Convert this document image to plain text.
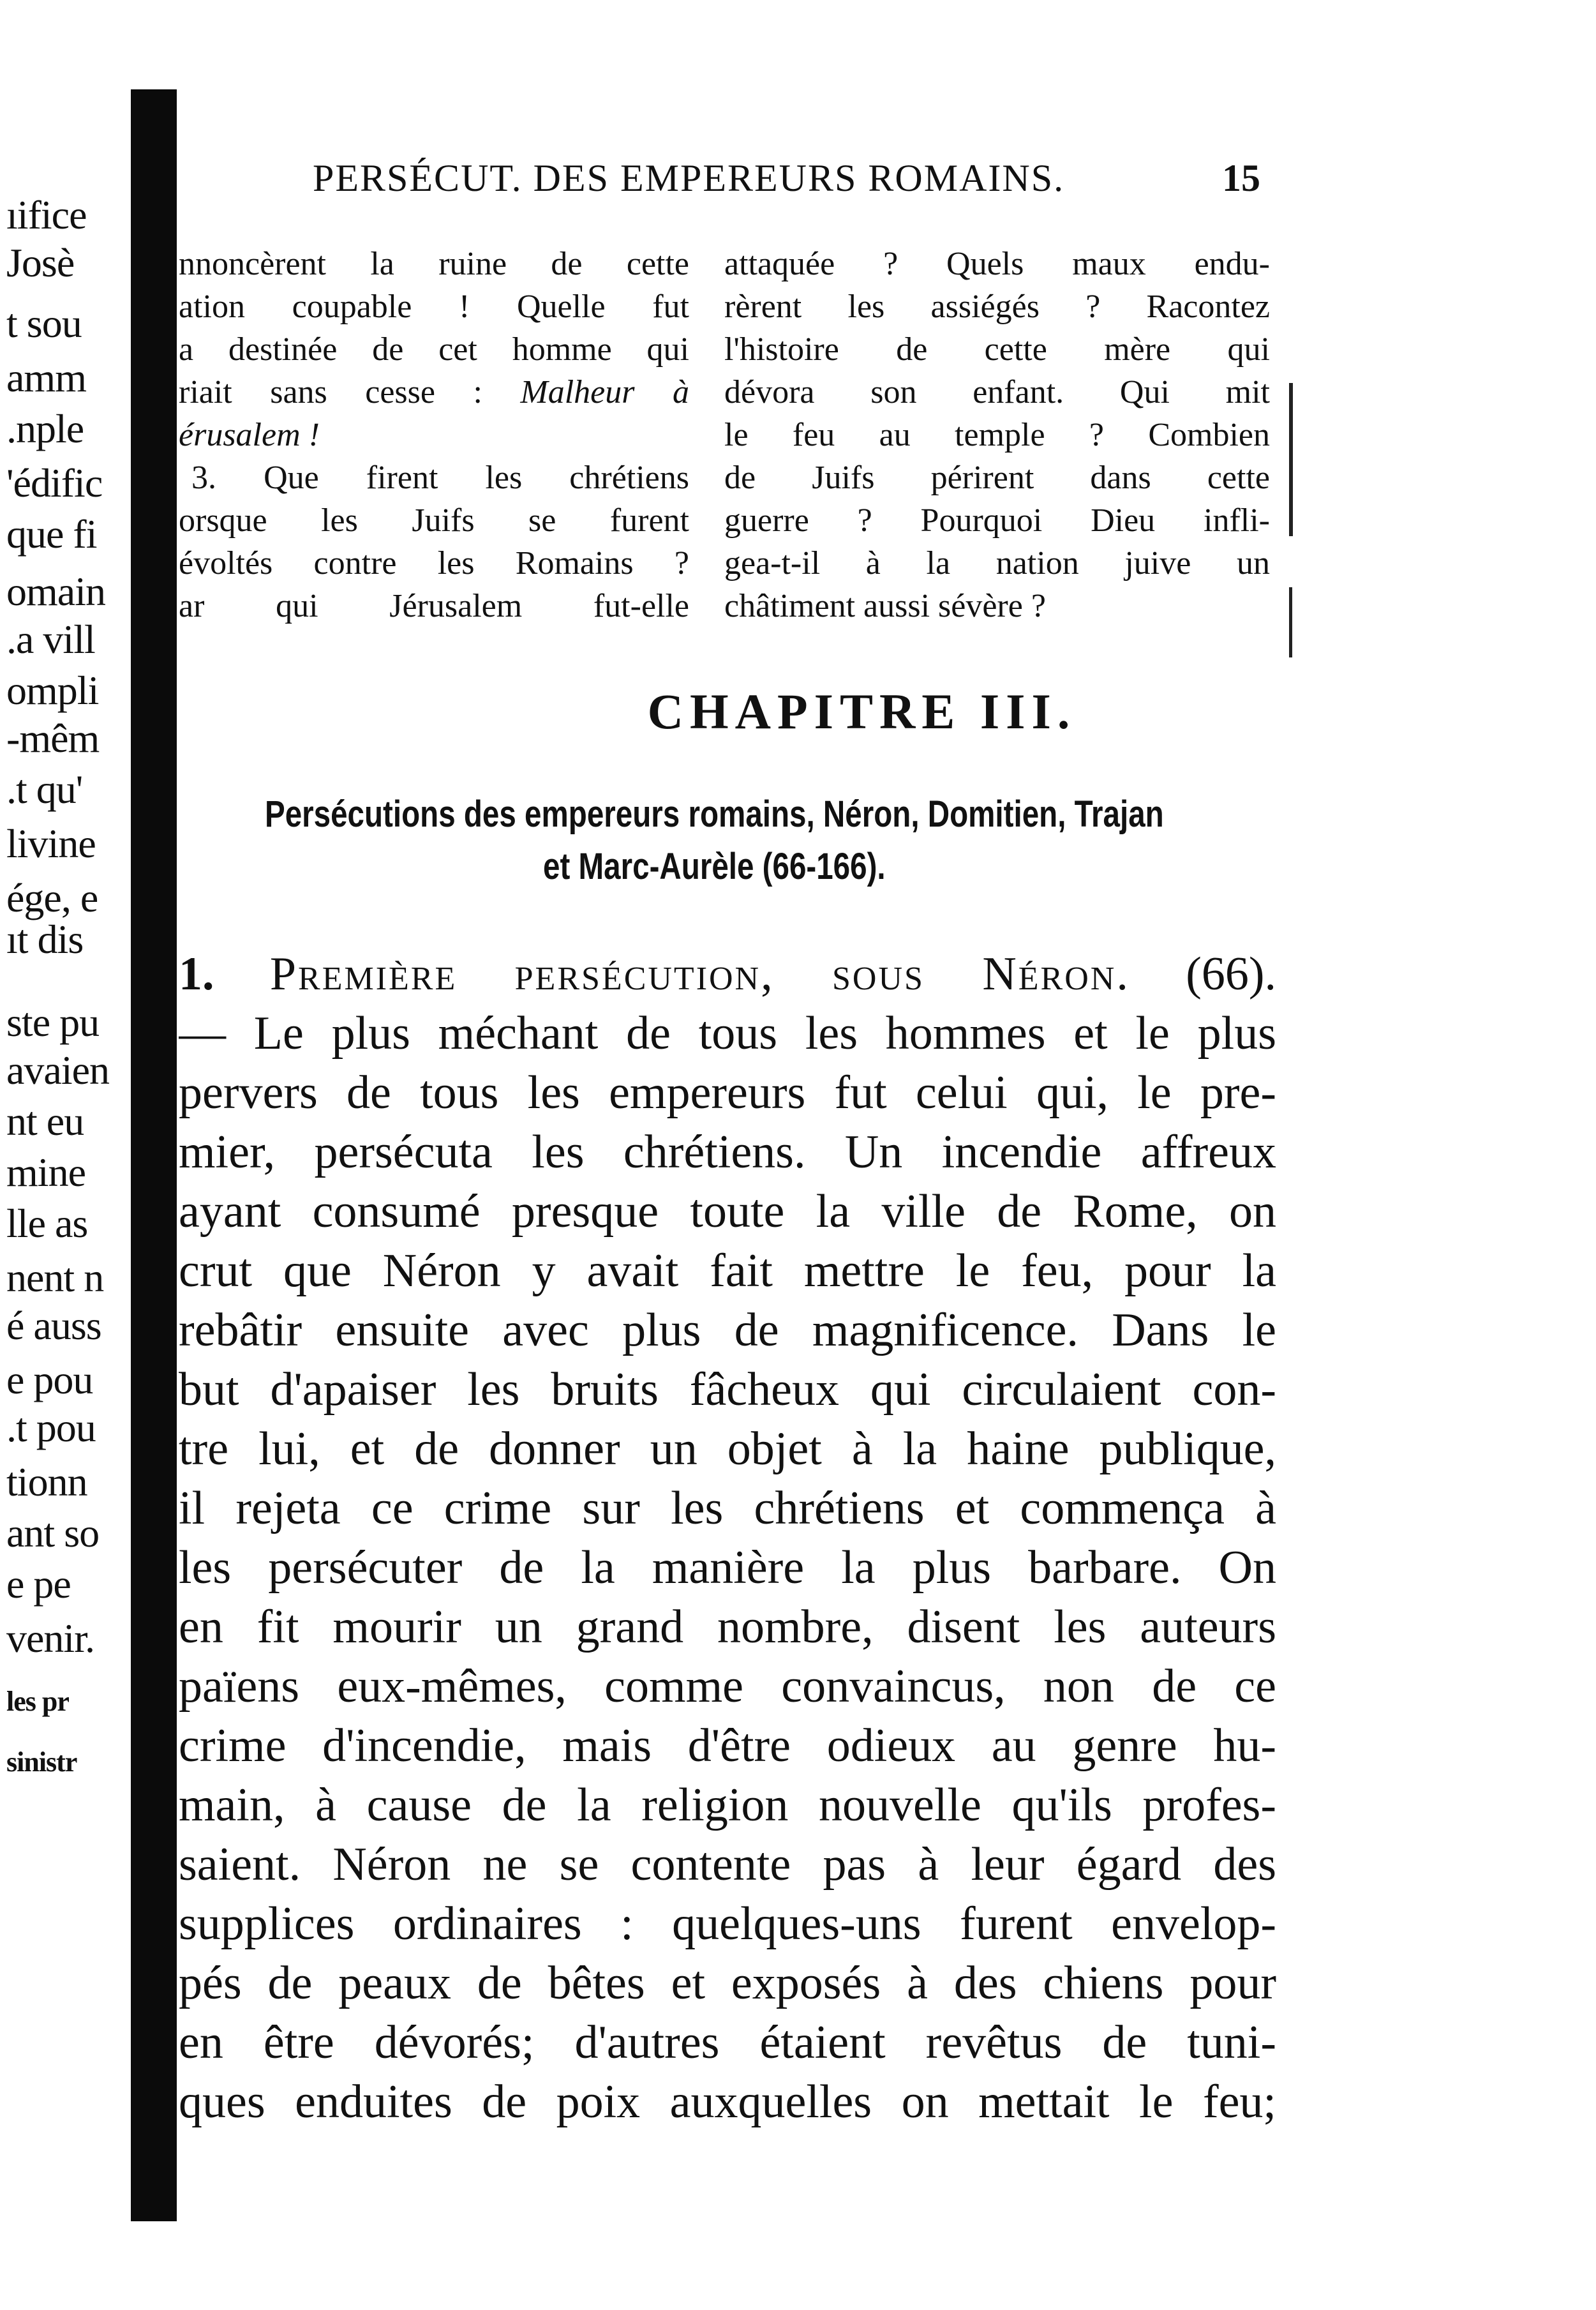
ıifice
Josè
t sou
amm
.nple
'édific
que fi
omain
.a vill
ompli
-mêm
.t qu'
livine
ége, e
ıt dis
ste pu
avaien
nt eu
mine
lle as
nent n
é auss
e pou
.t pou
tionn
ant so
e pe
venir.
les pr
sinistr
PERSÉCUT. DES EMPEREURS ROMAINS.	15
nnoncèrent la ruine de cette
ation coupable ! Quelle fut
a destinée de cet homme qui
riait sans cesse : Malheur à
érusalem !
3. Que firent les chrétiens
orsque les Juifs se furent
évoltés contre les Romains ?
ar qui Jérusalem fut-elle
attaquée ? Quels maux endu-
rèrent les assiégés ? Racontez
l'histoire de cette mère qui
dévora son enfant. Qui mit
le feu au temple ? Combien
de Juifs périrent dans cette
guerre ? Pourquoi Dieu infli-
gea-t-il à la nation juive un
châtiment aussi sévère ?
CHAPITRE III.
Persécutions des empereurs romains, Néron, Domitien, Trajan
et Marc-Aurèle (66-166).
1. Première persécution, sous Néron. (66).
— Le plus méchant de tous les hommes et le plus
pervers de tous les empereurs fut celui qui, le pre-
mier, persécuta les chrétiens. Un incendie affreux
ayant consumé presque toute la ville de Rome, on
crut que Néron y avait fait mettre le feu, pour la
rebâtir ensuite avec plus de magnificence. Dans le
but d'apaiser les bruits fâcheux qui circulaient con-
tre lui, et de donner un objet à la haine publique,
il rejeta ce crime sur les chrétiens et commença à
les persécuter de la manière la plus barbare. On
en fit mourir un grand nombre, disent les auteurs
païens eux-mêmes, comme convaincus, non de ce
crime d'incendie, mais d'être odieux au genre hu-
main, à cause de la religion nouvelle qu'ils profes-
saient. Néron ne se contente pas à leur égard des
supplices ordinaires : quelques-uns furent envelop-
pés de peaux de bêtes et exposés à des chiens pour
en être dévorés; d'autres étaient revêtus de tuni-
ques enduites de poix auxquelles on mettait le feu;
